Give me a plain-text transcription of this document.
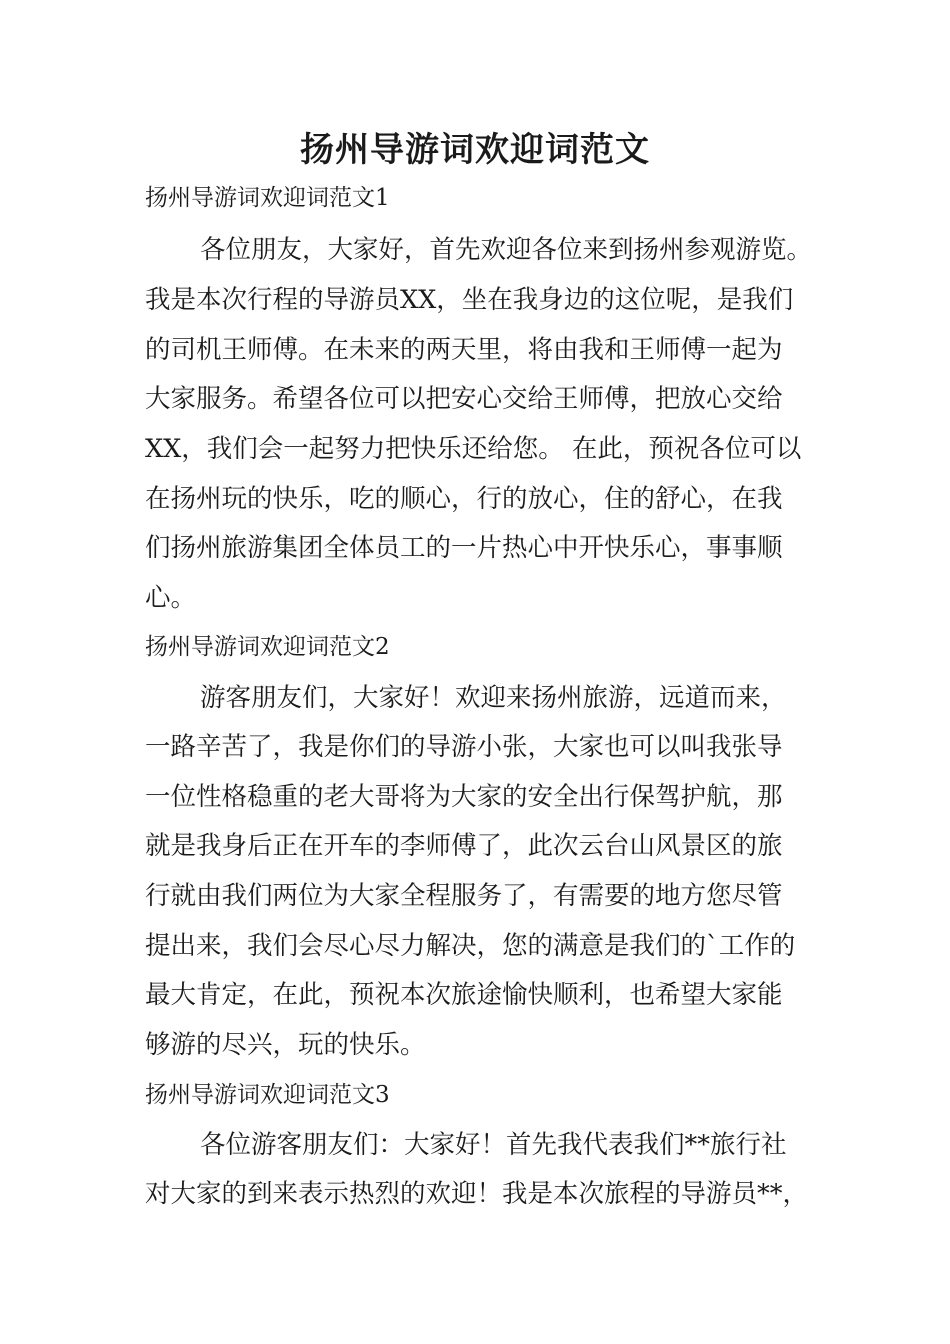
扬州导游词欢迎词范文
扬州导游词欢迎词范文1
各位朋友，大家好，首先欢迎各位来到扬州参观游览。
我是本次行程的导游员XX，坐在我身边的这位呢，是我们
的司机王师傅。在未来的两天里，将由我和王师傅一起为
大家服务。希望各位可以把安心交给王师傅，把放心交给
XX，我们会一起努力把快乐还给您。 在此，预祝各位可以
在扬州玩的快乐，吃的顺心，行的放心，住的舒心，在我
们扬州旅游集团全体员工的一片热心中开快乐心，事事顺
心。
扬州导游词欢迎词范文2
游客朋友们，大家好！欢迎来扬州旅游，远道而来，
一路辛苦了，我是你们的导游小张，大家也可以叫我张导
一位性格稳重的老大哥将为大家的安全出行保驾护航，那
就是我身后正在开车的李师傅了，此次云台山风景区的旅
行就由我们两位为大家全程服务了，有需要的地方您尽管
提出来，我们会尽心尽力解决，您的满意是我们的`工作的
最大肯定，在此，预祝本次旅途愉快顺利，也希望大家能
够游的尽兴，玩的快乐。
扬州导游词欢迎词范文3
各位游客朋友们：大家好！首先我代表我们**旅行社
对大家的到来表示热烈的欢迎！我是本次旅程的导游员**，
